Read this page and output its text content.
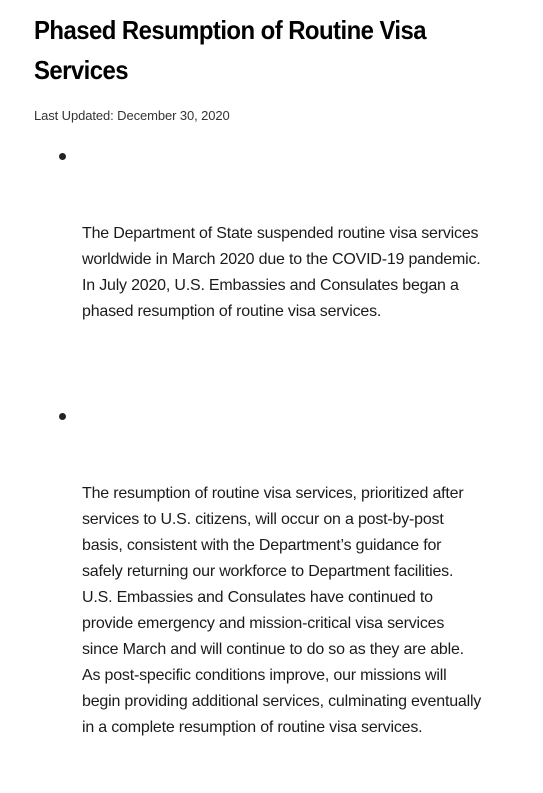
Phased Resumption of Routine Visa Services

Last Updated: December 30, 2020

The Department of State suspended routine visa services worldwide in March 2020 due to the COVID-19 pandemic.  In July 2020, U.S. Embassies and Consulates began a phased resumption of routine visa services.

The resumption of routine visa services, prioritized after services to U.S. citizens, will occur on a post-by-post basis, consistent with the Department’s guidance for safely returning our workforce to Department facilities.  U.S. Embassies and Consulates have continued to provide emergency and mission-critical visa services since March and will continue to do so as they are able.  As post-specific conditions improve, our missions will begin providing additional services, culminating eventually in a complete resumption of routine visa services.
